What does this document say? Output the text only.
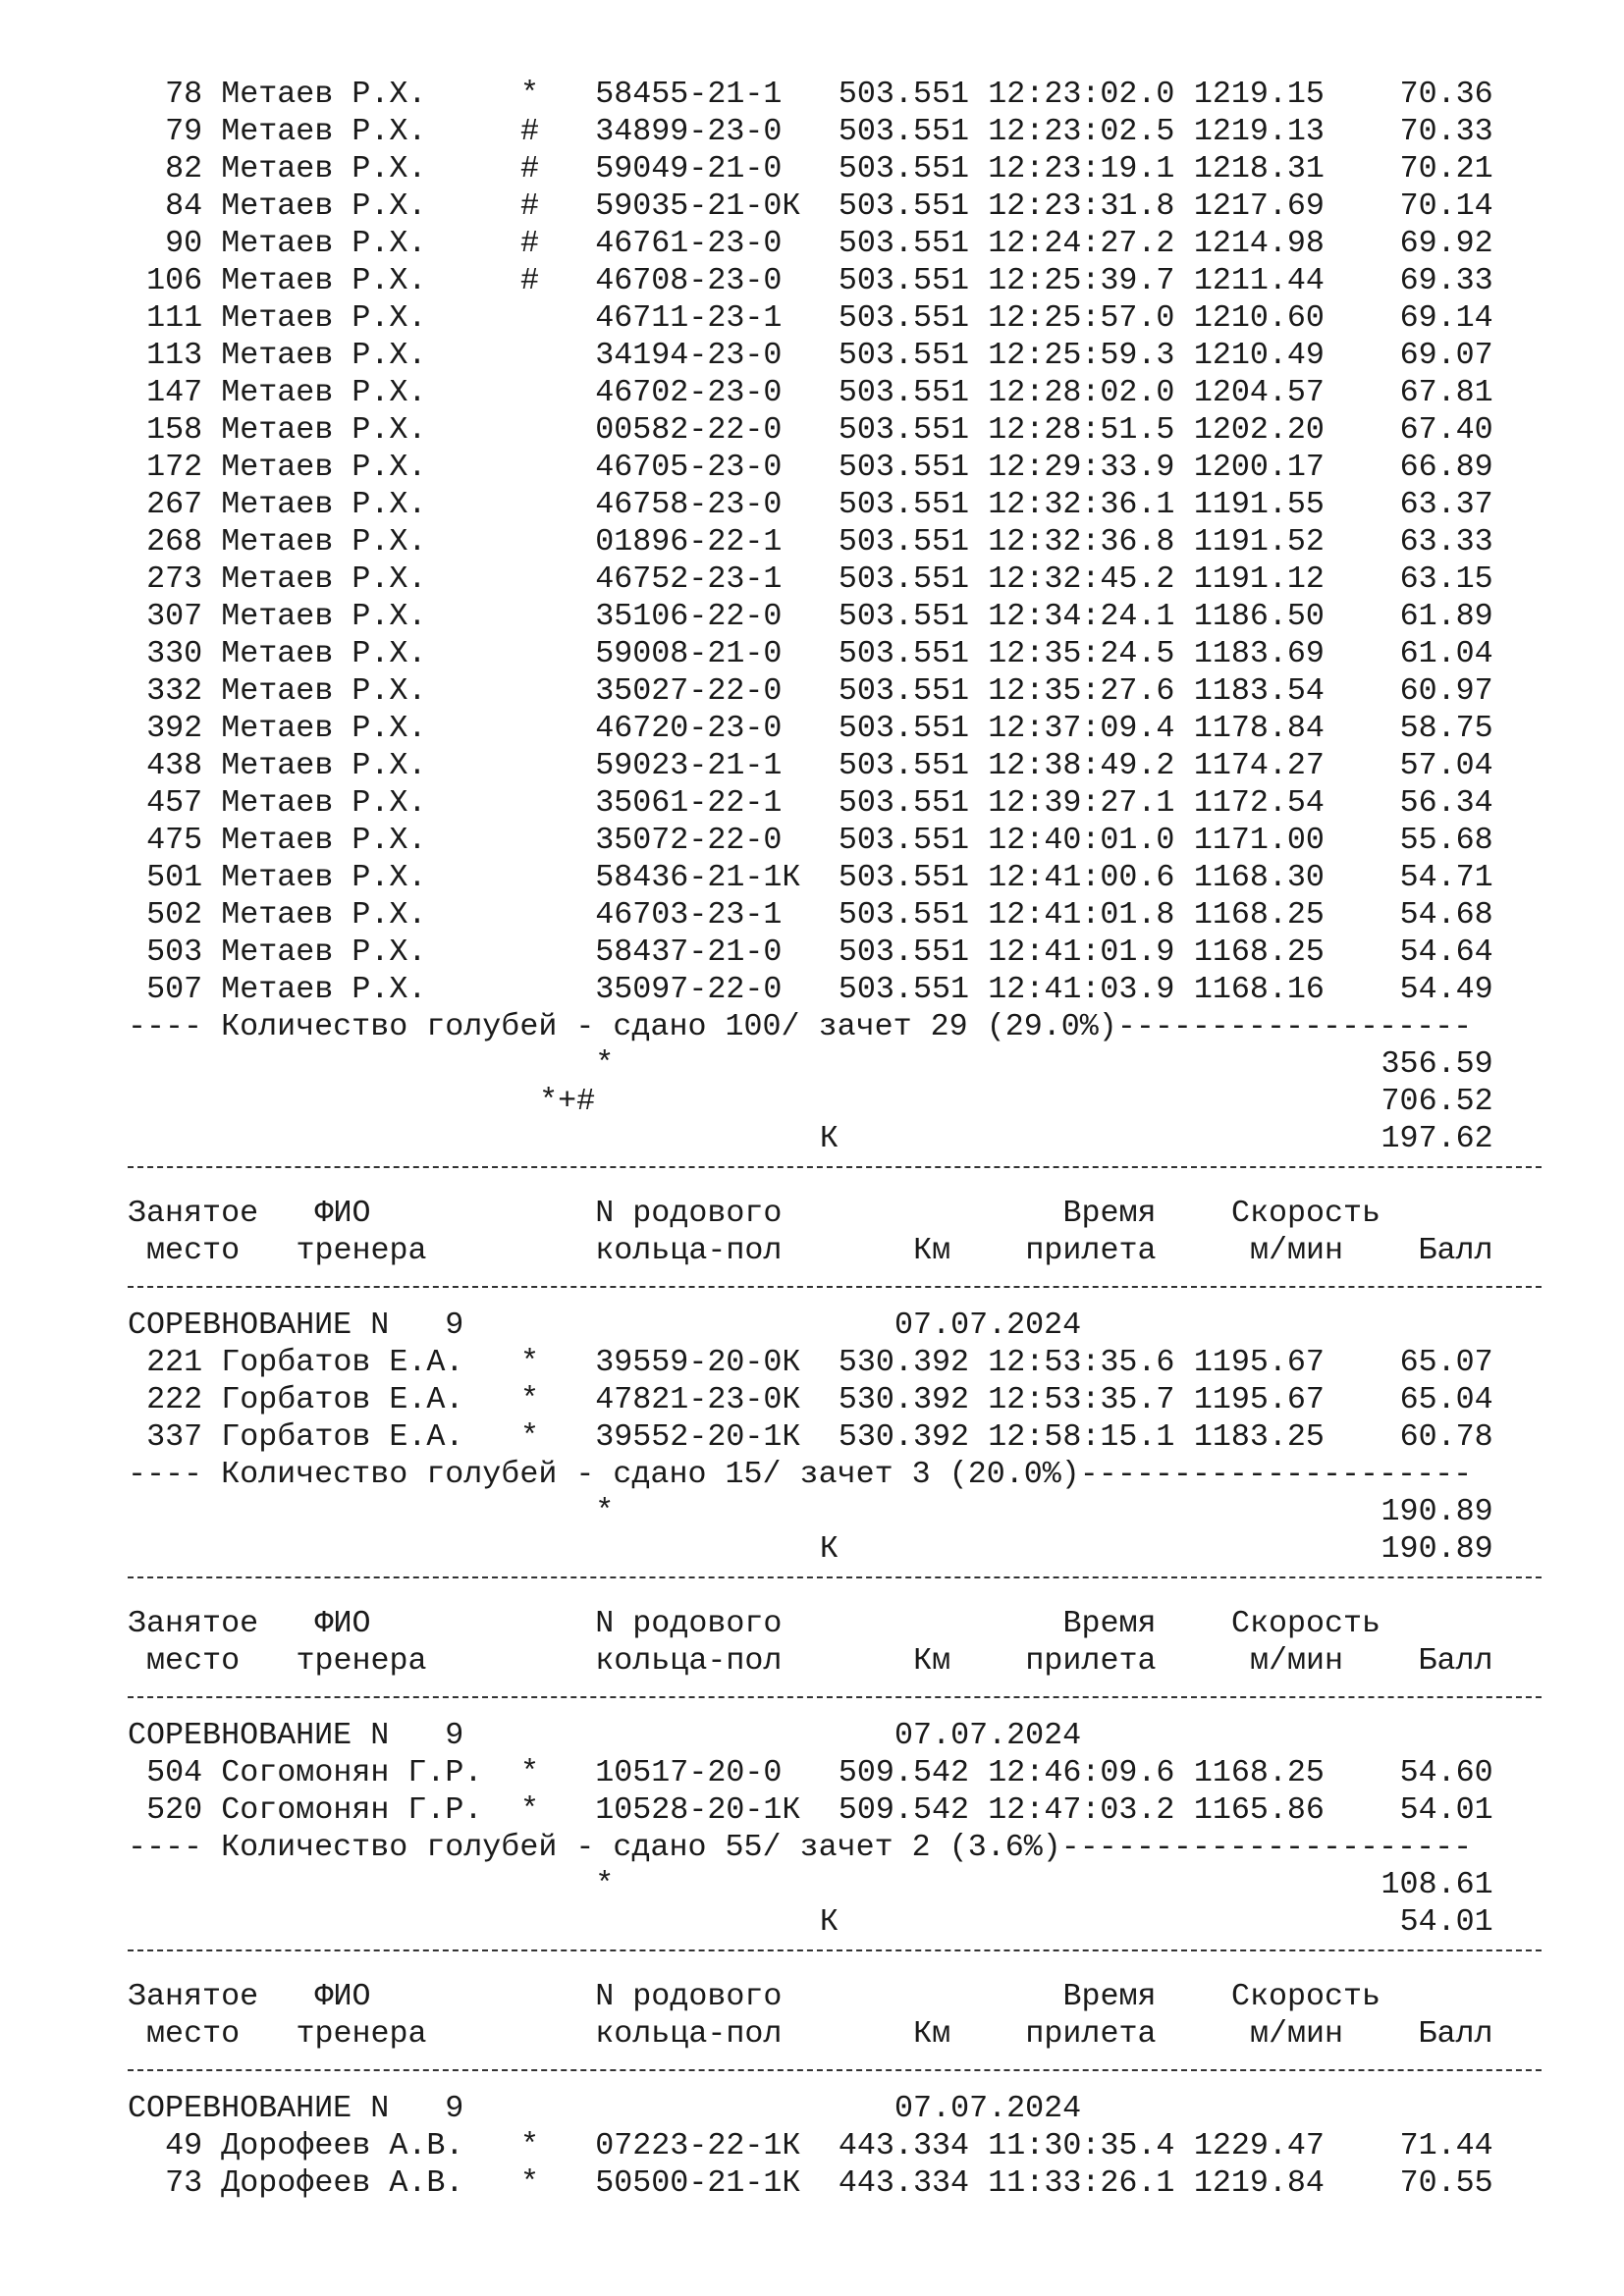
78 Метаев Р.Х.	* 58455-21-1 503.551 12:23:02.0 1219.15	70.36
79 Метаев Р.Х.	# 34899-23-0 503.551 12:23:02.5 1219.13	70.33
82 Метаев Р.Х.	# 59049-21-0 503.551 12:23:19.1 1218.31	70.21
84 Метаев Р.Х.	# 59035-21-0К 503.551 12:23:31.8 1217.69	70.14
90 Метаев Р.Х.	# 46761-23-0 503.551 12:24:27.2 1214.98	69.92
106 Метаев Р.Х.	# 46708-23-0 503.551 12:25:39.7 1211.44	69.33
111 Метаев Р.Х.	46711-23-1 503.551 12:25:57.0 1210.60	69.14
113 Метаев Р.Х.	34194-23-0 503.551 12:25:59.3 1210.49	69.07
147 Метаев Р.Х.	46702-23-0 503.551 12:28:02.0 1204.57	67.81
158 Метаев Р.Х.	00582-22-0 503.551 12:28:51.5 1202.20	67.40
172 Метаев Р.Х.	46705-23-0 503.551 12:29:33.9 1200.17	66.89
267 Метаев Р.Х.	46758-23-0 503.551 12:32:36.1 1191.55	63.37
268 Метаев Р.Х.	01896-22-1 503.551 12:32:36.8 1191.52	63.33
273 Метаев Р.Х.	46752-23-1 503.551 12:32:45.2 1191.12	63.15
307 Метаев Р.Х.	35106-22-0 503.551 12:34:24.1 1186.50	61.89
330 Метаев Р.Х.	59008-21-0 503.551 12:35:24.5 1183.69	61.04
332 Метаев Р.Х.	35027-22-0 503.551 12:35:27.6 1183.54	60.97
392 Метаев Р.Х.	46720-23-0 503.551 12:37:09.4 1178.84	58.75
438 Метаев Р.Х.	59023-21-1 503.551 12:38:49.2 1174.27	57.04
457 Метаев Р.Х.	35061-22-1 503.551 12:39:27.1 1172.54	56.34
475 Метаев Р.Х.	35072-22-0 503.551 12:40:01.0 1171.00	55.68
501 Метаев Р.Х.	58436-21-1К 503.551 12:41:00.6 1168.30	54.71
502 Метаев Р.Х.	46703-23-1 503.551 12:41:01.8 1168.25	54.68
503 Метаев Р.Х.	58437-21-0 503.551 12:41:01.9 1168.25	54.64
507 Метаев Р.Х.	35097-22-0 503.551 12:41:03.9 1168.16	54.49
---- Количество голубей - сдано 100/ зачет 29 (29.0%)-------------------
*	356.59
*+#	706.52
К	197.62
Занятое ФИО	N родового	Время Скорость
место тренера	кольца-пол	Км прилета	м/мин Балл
СОРЕВНОВАНИЕ N   9	07.07.2024
221 Горбатов Е.А. * 39559-20-0К 530.392 12:53:35.6 1195.67	65.07
222 Горбатов Е.А. * 47821-23-0К 530.392 12:53:35.7 1195.67	65.04
337 Горбатов Е.А. * 39552-20-1К 530.392 12:58:15.1 1183.25	60.78
---- Количество голубей - сдано 15/ зачет 3 (20.0%)---------------------
*	190.89
К	190.89
Занятое ФИО	N родового	Время Скорость
место тренера	кольца-пол	Км прилета	м/мин Балл
СОРЕВНОВАНИЕ N   9	07.07.2024
504 Согомонян Г.Р. * 10517-20-0 509.542 12:46:09.6 1168.25	54.60
520 Согомонян Г.Р. * 10528-20-1К 509.542 12:47:03.2 1165.86	54.01
---- Количество голубей - сдано 55/ зачет 2 (3.6%)----------------------
*	108.61
К	54.01
Занятое ФИО	N родового	Время Скорость
место тренера	кольца-пол	Км прилета	м/мин Балл
СОРЕВНОВАНИЕ N   9	07.07.2024
49 Дорофеев А.В. * 07223-22-1К 443.334 11:30:35.4 1229.47	71.44
73 Дорофеев А.В. * 50500-21-1К 443.334 11:33:26.1 1219.84	70.55
